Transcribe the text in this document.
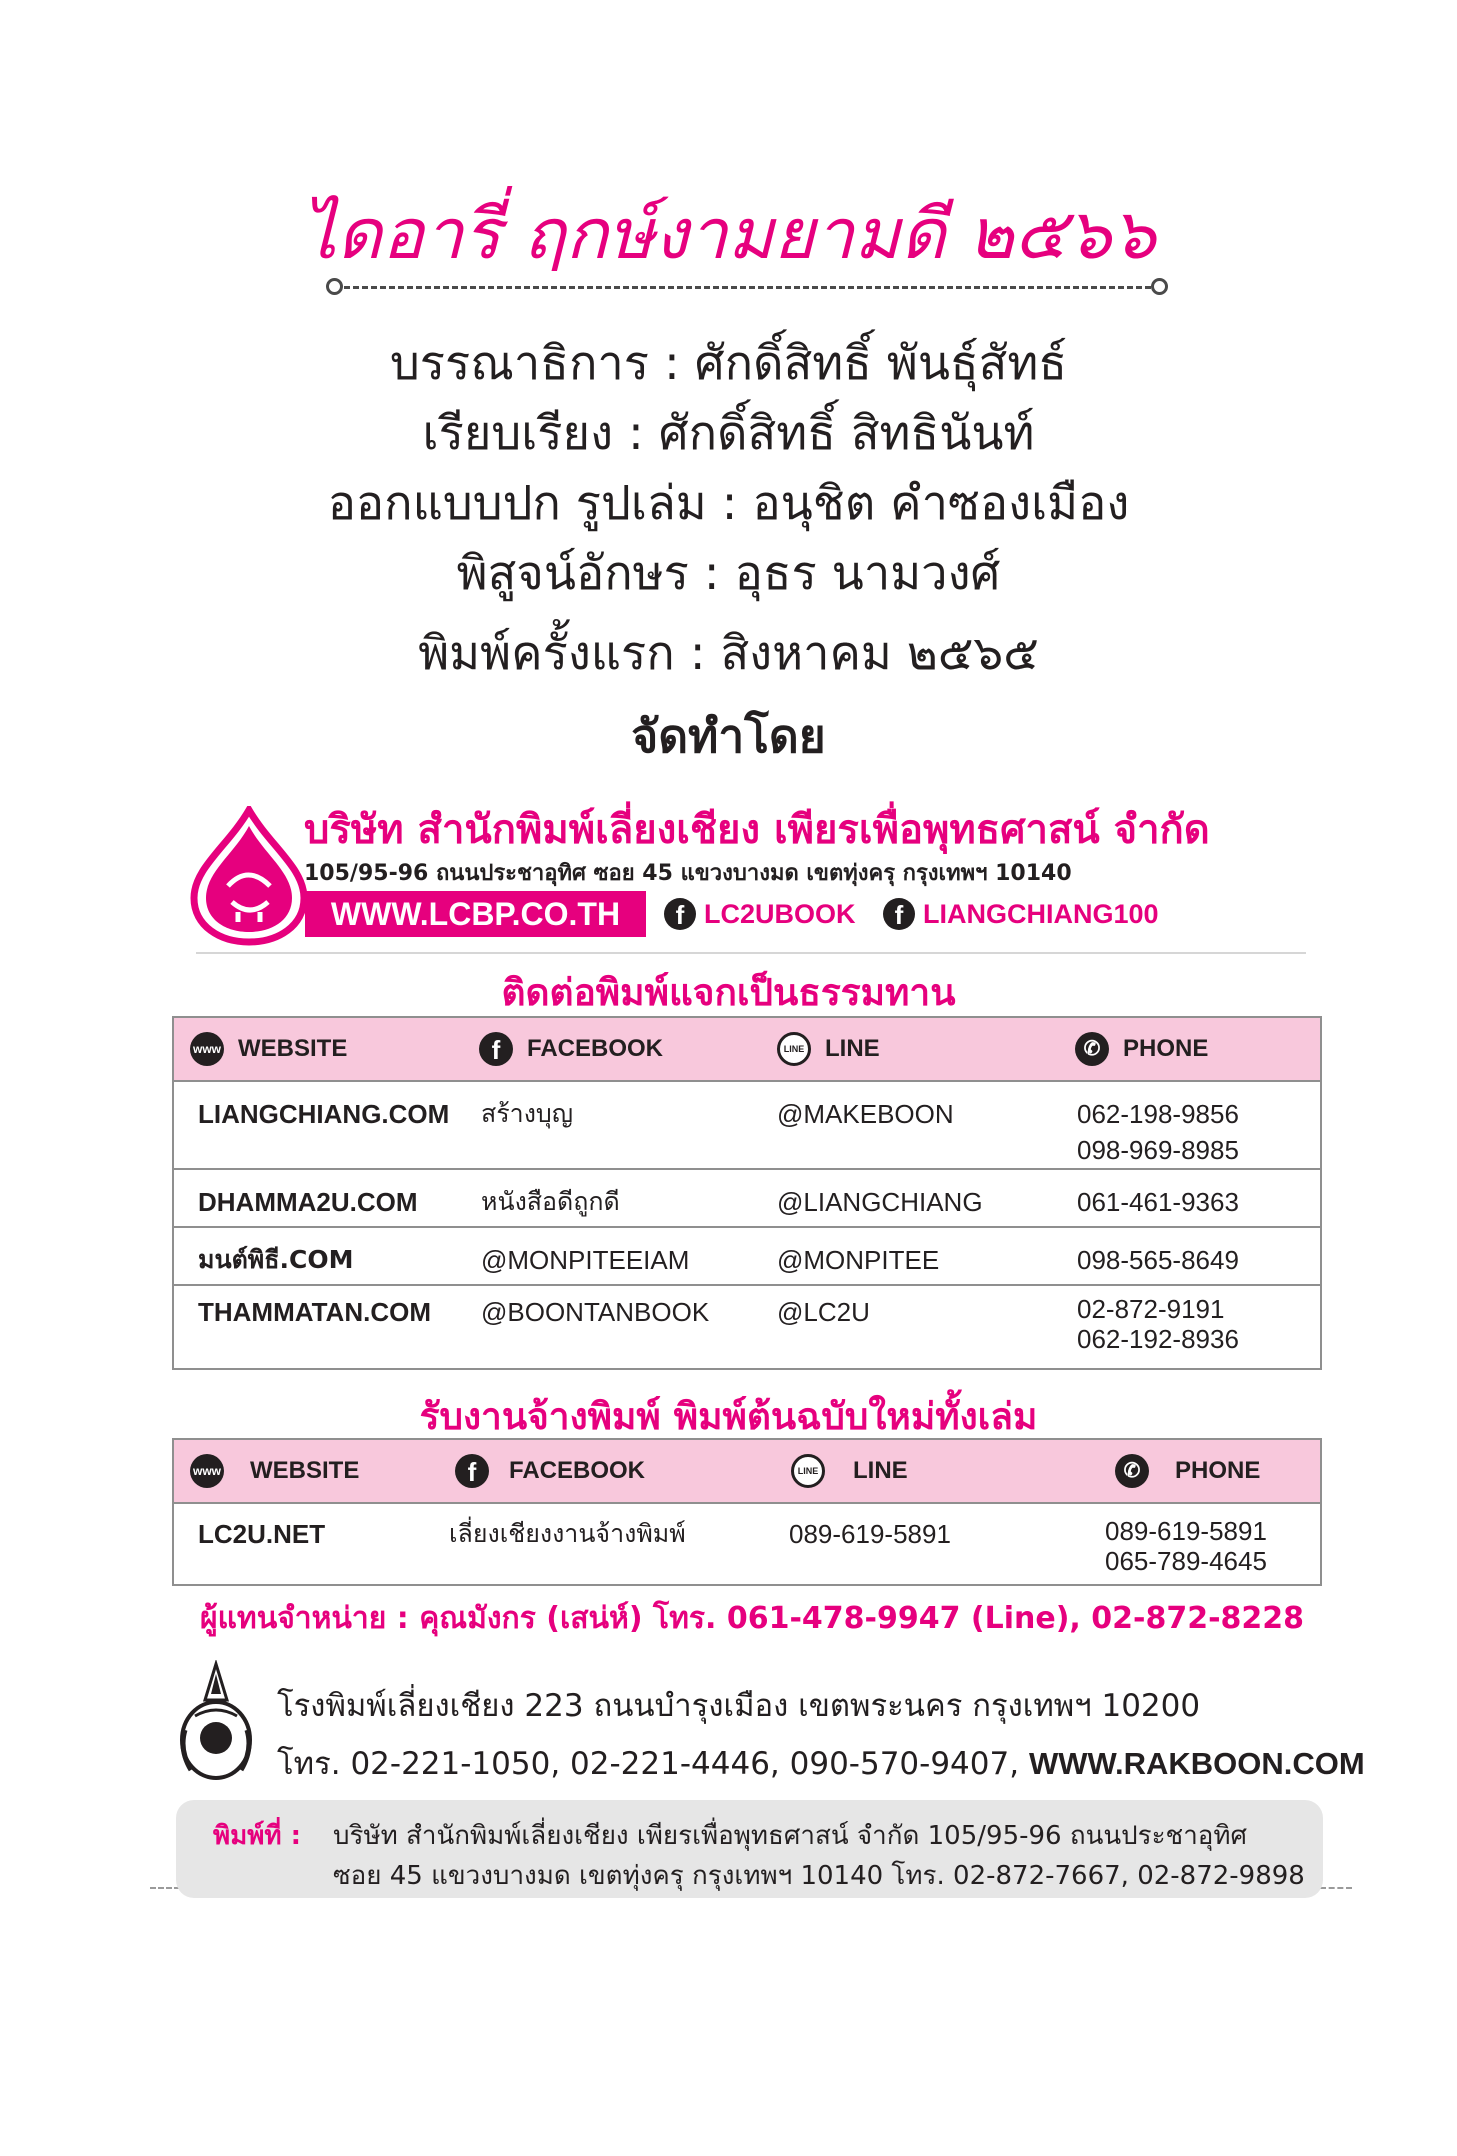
ไดอารี่ ฤกษ์งามยามดี ๒๕๖๖
บรรณาธิการ : ศักดิ์สิทธิ์ พันธุ์สัทธ์
เรียบเรียง : ศักดิ์สิทธิ์ สิทธินันท์
ออกแบบปก รูปเล่ม : อนุชิต คำซองเมือง
พิสูจน์อักษร : อุธร นามวงศ์
พิมพ์ครั้งแรก : สิงหาคม ๒๕๖๕
จัดทำโดย
บริษัท สำนักพิมพ์เลี่ยงเชียง เพียรเพื่อพุทธศาสน์ จำกัด
105/95-96 ถนนประชาอุทิศ ซอย 45 แขวงบางมด เขตทุ่งครุ กรุงเทพฯ 10140
WWW.LCBP.CO.TH	f LC2UBOOK	f LIANGCHIANG100
ติดต่อพิมพ์แจกเป็นธรรมทาน
www WEBSITE	f FACEBOOK	LINE LINE	✆ PHONE

LIANGCHIANG.COM	สร้างบุญ	@MAKEBOON	062-198-9856
098-969-8985

DHAMMA2U.COM	หนังสือดีถูกดี	@LIANGCHIANG	061-461-9363

มนต์พิธี.COM	@MONPITEEIAM	@MONPITEE	098-565-8649

THAMMATAN.COM	@BOONTANBOOK	@LC2U	02-872-9191
062-192-8936
รับงานจ้างพิมพ์ พิมพ์ต้นฉบับใหม่ทั้งเล่ม
www WEBSITE	f FACEBOOK	LINE LINE	✆ PHONE

LC2U.NET	เลี่ยงเชียงงานจ้างพิมพ์	089-619-5891	089-619-5891
065-789-4645
ผู้แทนจำหน่าย : คุณมังกร (เสน่ห์) โทร. 061-478-9947 (Line), 02-872-8228
โรงพิมพ์เลี่ยงเชียง 223 ถนนบำรุงเมือง เขตพระนคร กรุงเทพฯ 10200
โทร. 02-221-1050, 02-221-4446, 090-570-9407, WWW.RAKBOON.COM
พิมพ์ที่ : บริษัท สำนักพิมพ์เลี่ยงเชียง เพียรเพื่อพุทธศาสน์ จำกัด 105/95-96 ถนนประชาอุทิศ
ซอย 45 แขวงบางมด เขตทุ่งครุ กรุงเทพฯ 10140 โทร. 02-872-7667, 02-872-9898
